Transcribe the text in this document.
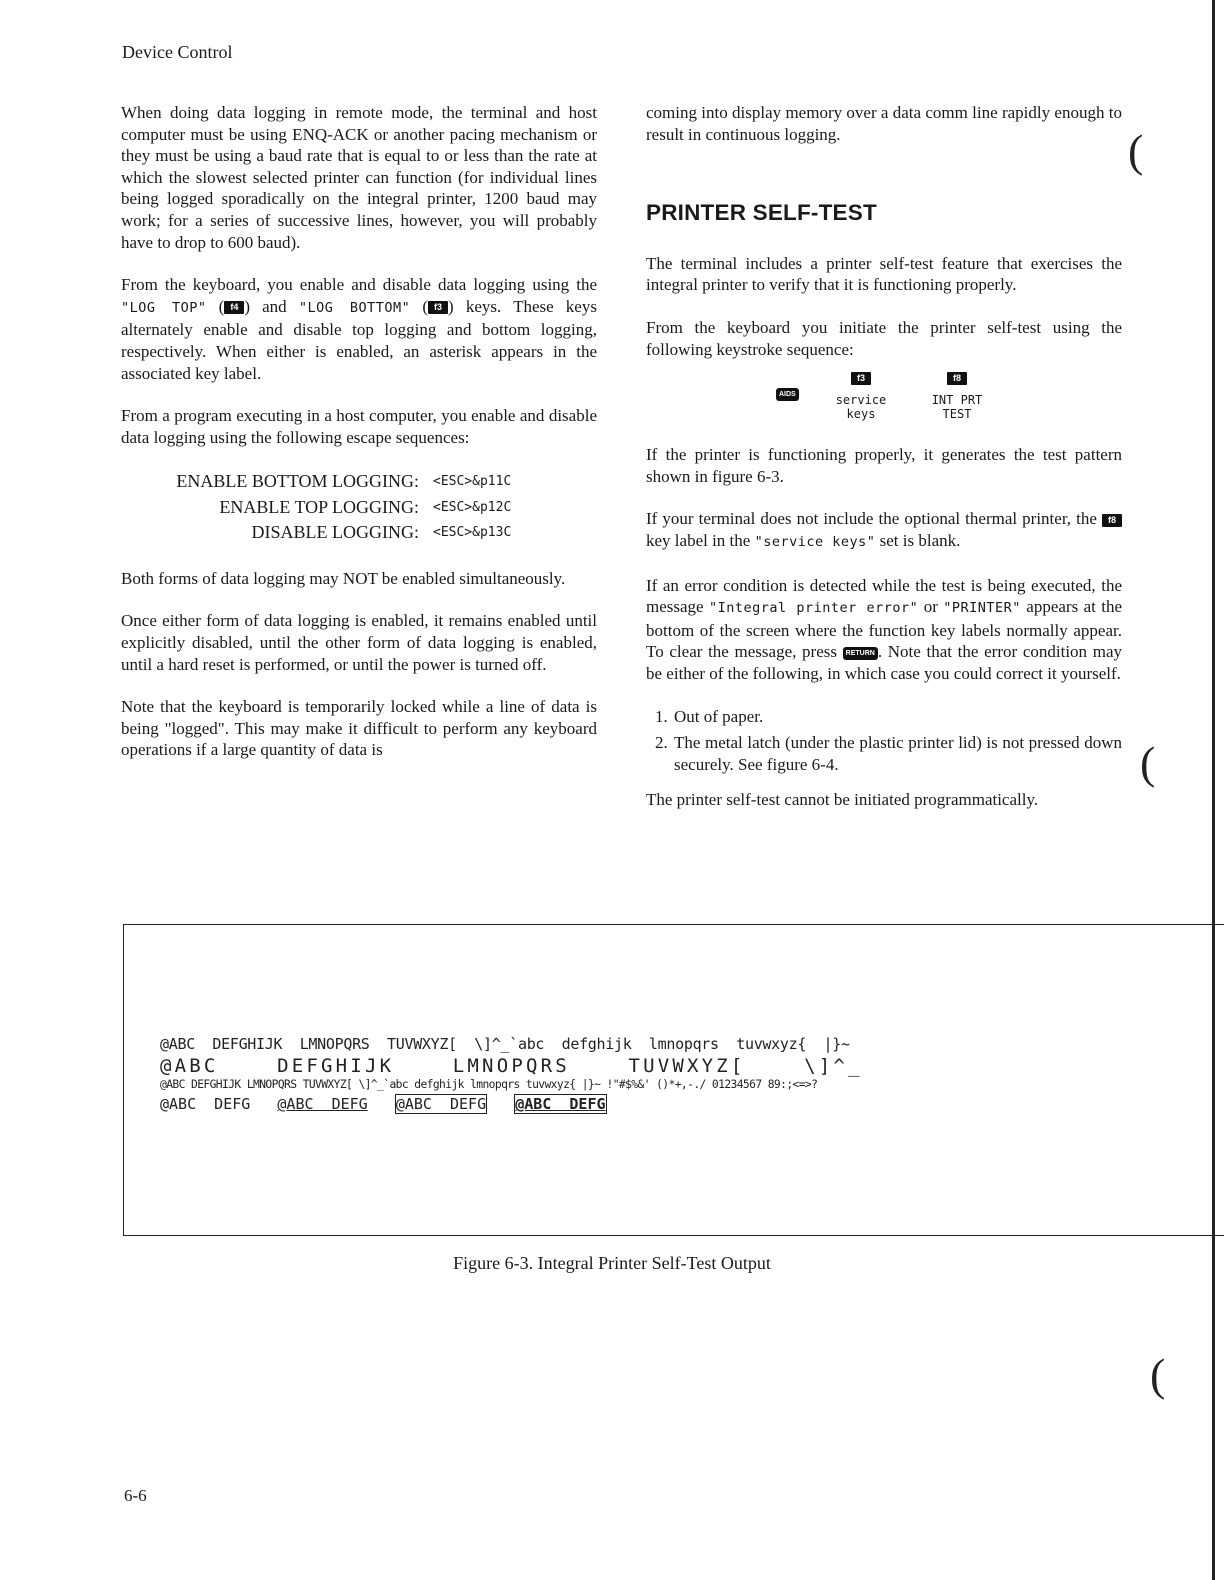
Device Control

When doing data logging in remote mode, the terminal and host computer must be using ENQ-ACK or another pacing mechanism or they must be using a baud rate that is equal to or less than the rate at which the slowest selected printer can function (for individual lines being logged sporadically on the integral printer, 1200 baud may work; for a series of successive lines, however, you will probably have to drop to 600 baud).

From the keyboard, you enable and disable data logging using the "LOG TOP" ( f4 ) and "LOG BOTTOM" ( f3 ) keys. These keys alternately enable and disable top logging and bottom logging, respectively. When either is enabled, an asterisk appears in the associated key label.

From a program executing in a host computer, you enable and disable data logging using the following escape sequences:

ENABLE BOTTOM LOGGING:	<ESC>&p11C
ENABLE TOP LOGGING:	<ESC>&p12C
DISABLE LOGGING:	<ESC>&p13C

Both forms of data logging may NOT be enabled simultaneously.

Once either form of data logging is enabled, it remains enabled until explicitly disabled, until the other form of data logging is enabled, until a hard reset is performed, or until the power is turned off.

Note that the keyboard is temporarily locked while a line of data is being "logged". This may make it difficult to perform any keyboard operations if a large quantity of data is

coming into display memory over a data comm line rapidly enough to result in continuous logging.

PRINTER SELF-TEST

The terminal includes a printer self-test feature that exercises the integral printer to verify that it is functioning properly.

From the keyboard you initiate the printer self-test using the following keystroke sequence:

AIDS
f3
service
keys
f8
INT PRT
TEST

If the printer is functioning properly, it generates the test pattern shown in figure 6-3.

If your terminal does not include the optional thermal printer, the f8 key label in the "service keys" set is blank.

If an error condition is detected while the test is being executed, the message "Integral printer error" or "PRINTER" appears at the bottom of the screen where the function key labels normally appear. To clear the message, press RETURN . Note that the error condition may be either of the following, in which case you could correct it yourself.

1. Out of paper.
2. The metal latch (under the plastic printer lid) is not pressed down securely. See figure 6-4.

The printer self-test cannot be initiated programmatically.

@ABC  DEFGHIJK  LMNOPQRS  TUVWXYZ[  \]^_`abc  defghijk  lmnopqrs  tuvwxyz{  |}~
@ABC    DEFGHIJK    LMNOPQRS    TUVWXYZ[    \]^_
@ABC DEFGHIJK LMNOPQRS TUVWXYZ[ \]^_`abc defghijk lmnopqrs tuvwxyz{ |}~ !"#$%&' ()*+,-./ 01234567 89:;<=>?
@ABC  DEFG @ABC  DEFG @ABC  DEFG @ABC  DEFG
Figure 6-3. Integral Printer Self-Test Output
6-6
(
(
(
